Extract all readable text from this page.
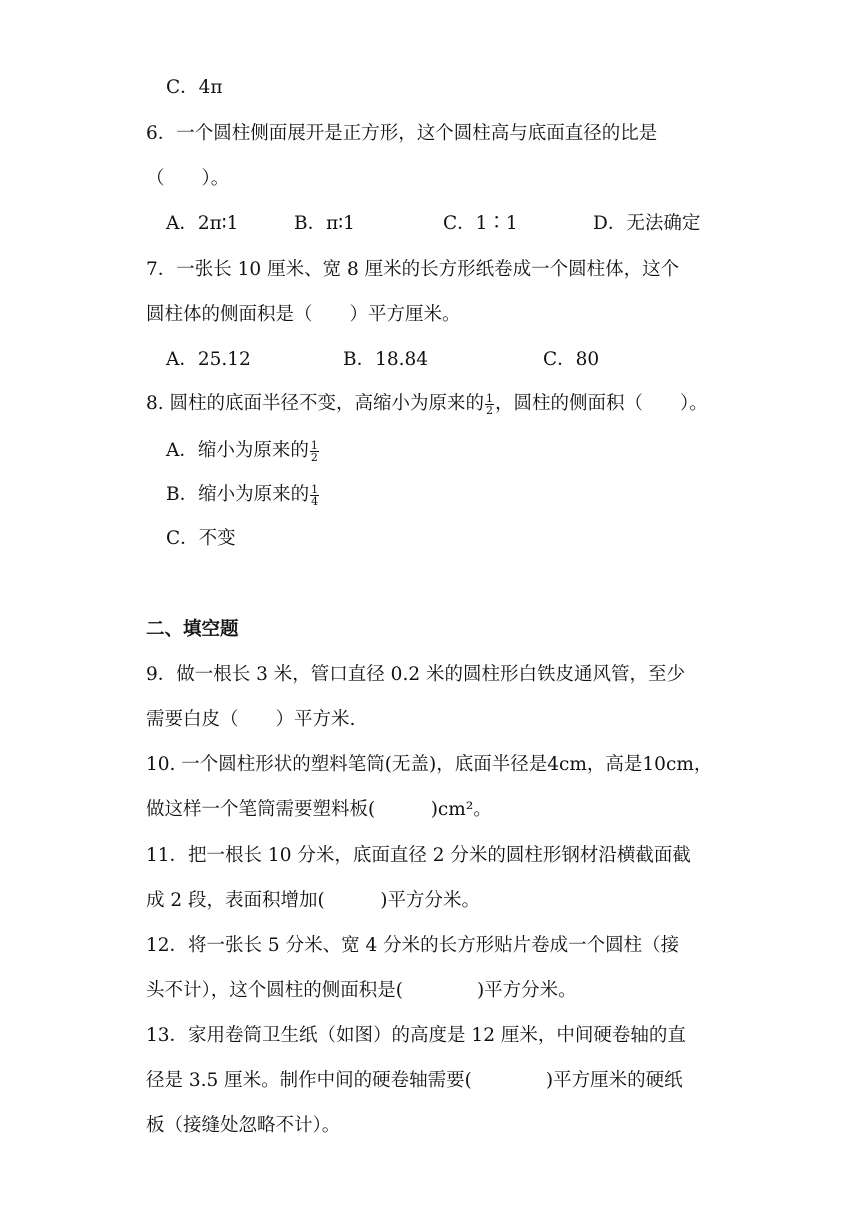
C．4π
6．一个圆柱侧面展开是正方形，这个圆柱高与底面直径的比是
（　　）。
A．2π∶1	B．π∶1	C．1∶1	D．无法确定
7．一张长 10 厘米、宽 8 厘米的长方形纸卷成一个圆柱体，这个
圆柱体的侧面积是（　　）平方厘米。
A．25.12	B．18.84	C．80
8. 圆柱的底面半径不变，高缩小为原来的 $\frac{1}{2}$ ，圆柱的侧面积（　　）。
A．缩小为原来的 $\frac{1}{2}$
B．缩小为原来的 $\frac{1}{4}$
C．不变
二、填空题
9．做一根长 3 米，管口直径 0.2 米的圆柱形白铁皮通风管，至少
需要白皮（　　）平方米.
10. 一个圆柱形状的塑料笔筒(无盖)，底面半径是4cm，高是10cm，
做这样一个笔筒需要塑料板(　　　)cm²。
11．把一根长 10 分米，底面直径 2 分米的圆柱形钢材沿横截面截
成 2 段，表面积增加(　　　)平方分米。
12．将一张长 5 分米、宽 4 分米的长方形贴片卷成一个圆柱（接
头不计），这个圆柱的侧面积是(　　　　)平方分米。
13．家用卷筒卫生纸（如图）的高度是 12 厘米，中间硬卷轴的直
径是 3.5 厘米。制作中间的硬卷轴需要(　　　　)平方厘米的硬纸
板（接缝处忽略不计）。
